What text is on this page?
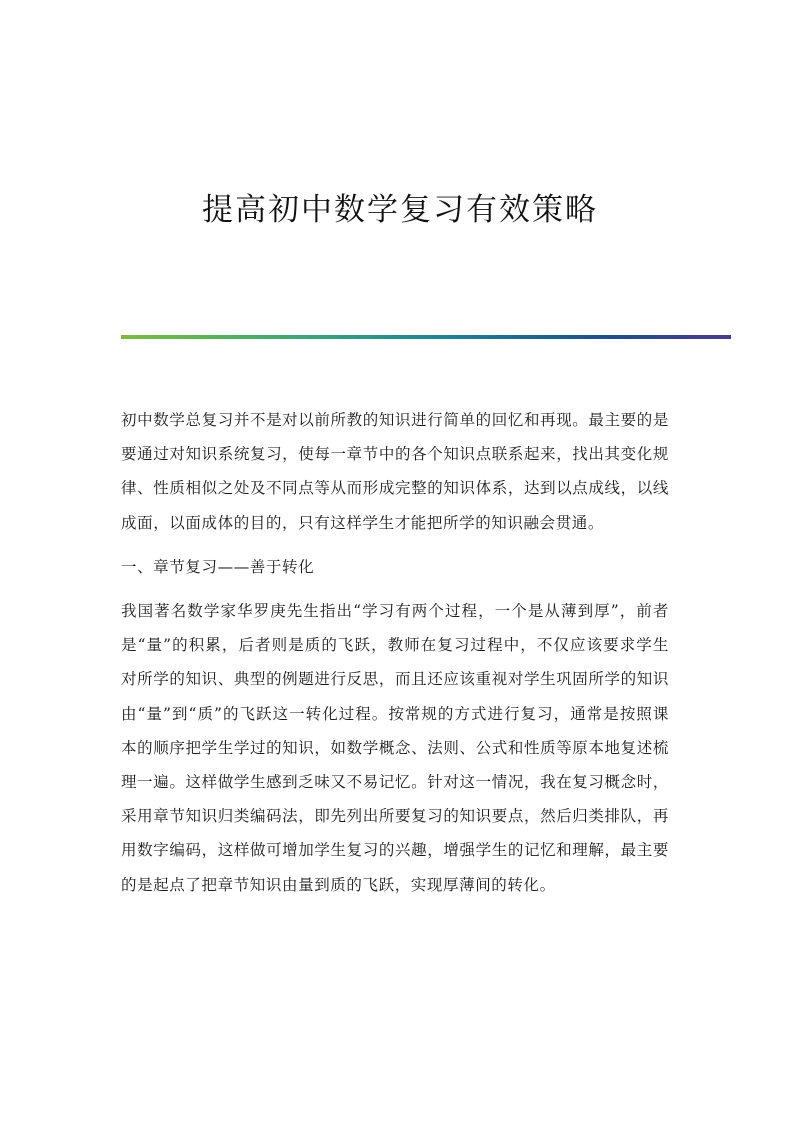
提高初中数学复习有效策略

初中数学总复习并不是对以前所教的知识进行简单的回忆和再现。最主要的是要通过对知识系统复习，使每一章节中的各个知识点联系起来，找出其变化规律、性质相似之处及不同点等从而形成完整的知识体系，达到以点成线，以线成面，以面成体的目的，只有这样学生才能把所学的知识融会贯通。

一、章节复习——善于转化

我国著名数学家华罗庚先生指出“学习有两个过程，一个是从薄到厚”，前者是“量”的积累，后者则是质的飞跃，教师在复习过程中，不仅应该要求学生对所学的知识、典型的例题进行反思，而且还应该重视对学生巩固所学的知识由“量”到“质”的飞跃这一转化过程。按常规的方式进行复习，通常是按照课本的顺序把学生学过的知识，如数学概念、法则、公式和性质等原本地复述梳理一遍。这样做学生感到乏味又不易记忆。针对这一情况，我在复习概念时，采用章节知识归类编码法，即先列出所要复习的知识要点，然后归类排队，再用数字编码，这样做可增加学生复习的兴趣，增强学生的记忆和理解，最主要的是起点了把章节知识由量到质的飞跃，实现厚薄间的转化。
